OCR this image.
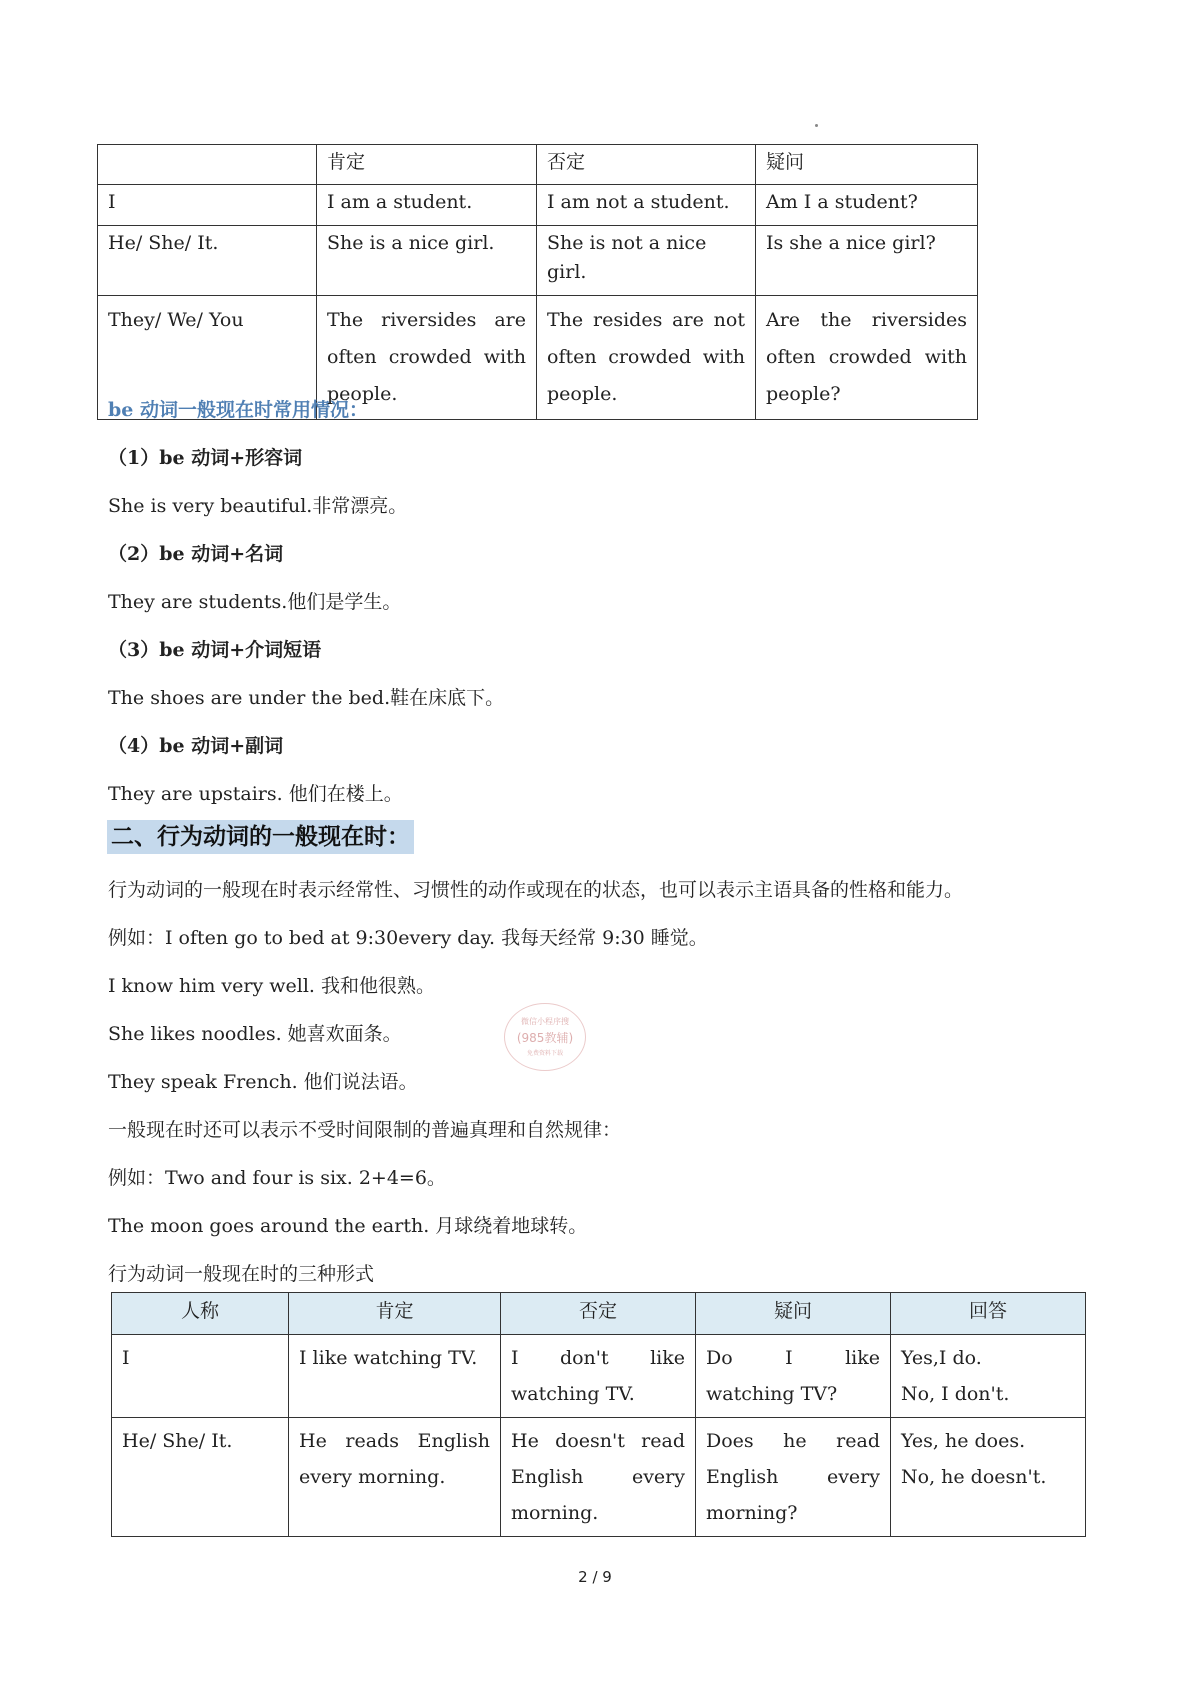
	肯定	否定	疑问
I	I am a student.	I am not a student.	Am I a student?
He/ She/ It.	She is a nice girl.	She is not a nice girl.	Is she a nice girl?
They/ We/ You	The riversides are often crowded with people.	The resides are not often crowded with people.	Are the riversides often crowded with people?
be 动词一般现在时常用情况：
（1）be 动词+形容词
She is very beautiful.非常漂亮。
（2）be 动词+名词
They are students.他们是学生。
（3）be 动词+介词短语
The shoes are under the bed.鞋在床底下。
（4）be 动词+副词
They are upstairs. 他们在楼上。
二、行为动词的一般现在时：
行为动词的一般现在时表示经常性、习惯性的动作或现在的状态，也可以表示主语具备的性格和能力。
例如：I often go to bed at 9:30every day. 我每天经常 9:30 睡觉。
I know him very well. 我和他很熟。
She likes noodles. 她喜欢面条。
They speak French. 他们说法语。
一般现在时还可以表示不受时间限制的普遍真理和自然规律：
例如：Two and four is six. 2+4=6。
The moon goes around the earth. 月球绕着地球转。
行为动词一般现在时的三种形式
微信小程序搜
(985教辅)
免费资料下载
人称	肯定	否定	疑问	回答
I	I like watching TV.	I don't like watching TV.	Do I like watching TV?	Yes,I do.
No, I don't.

He/ She/ It.	He reads English every morning.	He doesn't read English every morning.	Does he read English every morning?	Yes, he does.
No, he doesn't.
2 / 9
